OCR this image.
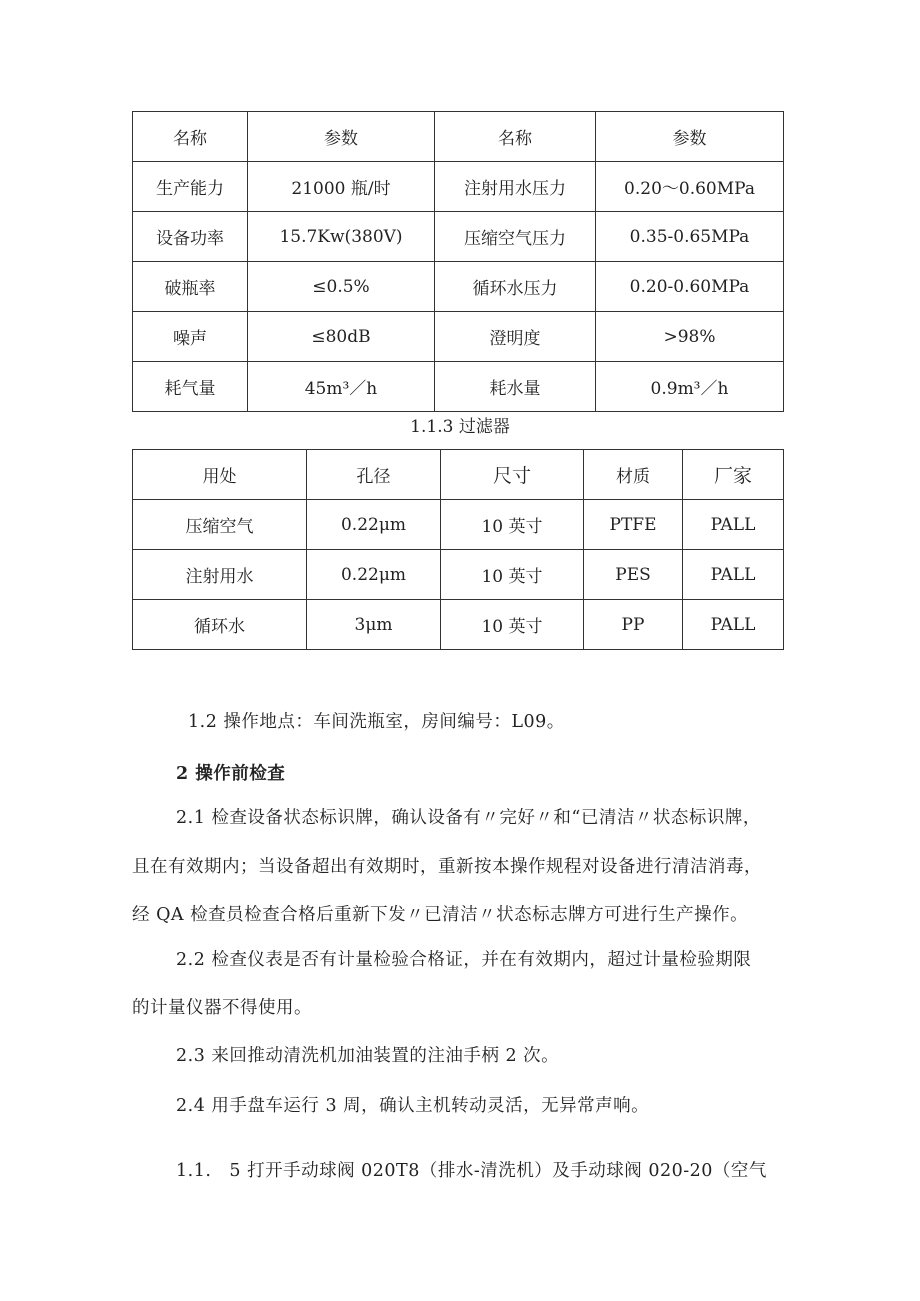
名称	参数	名称	参数
生产能力	21000 瓶/时	注射用水压力	0.20～0.60MPa
设备功率	15.7Kw(380V)	压缩空气压力	0.35-0.65MPa
破瓶率	≤0.5%	循环水压力	0.20-0.60MPa
噪声	≤80dB	澄明度	>98%
耗气量	45m³／h	耗水量	0.9m³／h
1.1.3 过滤器
用处	孔径	尺寸	材质	厂家
压缩空气	0.22μm	10 英寸	PTFE	PALL
注射用水	0.22μm	10 英寸	PES	PALL
循环水	3μm	10 英寸	PP	PALL
1.2 操作地点：车间洗瓶室，房间编号：L09。
2 操作前检查
2.1 检查设备状态标识牌，确认设备有〃完好〃和“已清洁〃状态标识牌，
且在有效期内；当设备超出有效期时，重新按本操作规程对设备进行清洁消毒，
经 QA 检查员检查合格后重新下发〃已清洁〃状态标志牌方可进行生产操作。
2.2 检查仪表是否有计量检验合格证，并在有效期内，超过计量检验期限
的计量仪器不得使用。
2.3 来回推动清洗机加油装置的注油手柄 2 次。
2.4 用手盘车运行 3 周，确认主机转动灵活，无异常声响。
1.1.　5 打开手动球阀 020T8（排水-清洗机）及手动球阀 020-20（空气
